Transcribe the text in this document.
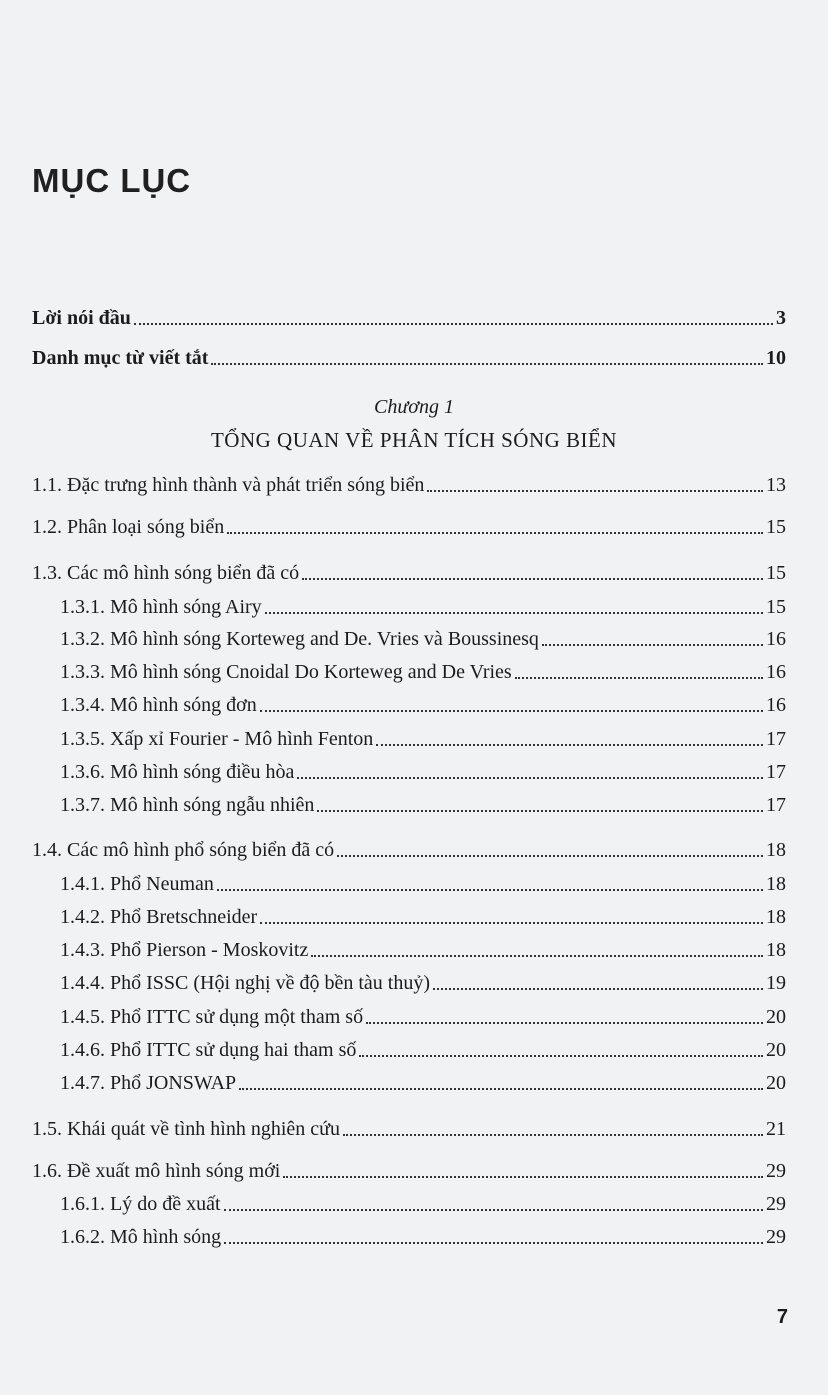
MỤC LỤC
Lời nói đầu	3
Danh mục từ viết tắt	10
Chương 1
TỔNG QUAN VỀ PHÂN TÍCH SÓNG BIỂN
1.1. Đặc trưng hình thành và phát triển sóng biển	13
1.2. Phân loại sóng biển	15
1.3. Các mô hình sóng biển đã có	15
1.3.1. Mô hình sóng Airy	15
1.3.2. Mô hình sóng Korteweg and De. Vries và Boussinesq	16
1.3.3. Mô hình sóng Cnoidal Do Korteweg and De Vries	16
1.3.4. Mô hình sóng đơn	16
1.3.5. Xấp xỉ Fourier - Mô hình Fenton	17
1.3.6. Mô hình sóng điều hòa	17
1.3.7. Mô hình sóng ngẫu nhiên	17
1.4. Các mô hình phổ sóng biển đã có	18
1.4.1. Phổ Neuman	18
1.4.2. Phổ Bretschneider	18
1.4.3. Phổ Pierson - Moskovitz	18
1.4.4. Phổ ISSC (Hội nghị về độ bền tàu thuỷ)	19
1.4.5. Phổ ITTC sử dụng một tham số	20
1.4.6. Phổ ITTC sử dụng hai tham số	20
1.4.7. Phổ JONSWAP	20
1.5. Khái quát về tình hình nghiên cứu	21
1.6. Đề xuất mô hình sóng mới	29
1.6.1. Lý do đề xuất	29
1.6.2. Mô hình sóng	29
7
